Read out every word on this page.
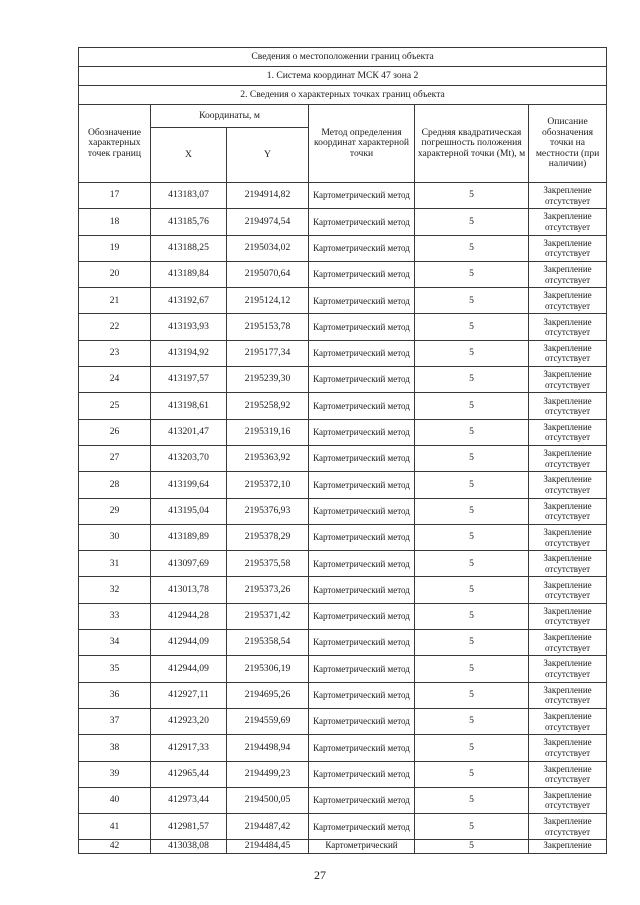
Сведения о местоположении границ объекта					
1. Система координат МСК 47 зона 2					
2. Сведения о характерных точках границ объекта					
Обозначение характерных точек границ	Координаты, м		Метод определения координат характерной точки	Средняя квадратическая погрешность положения характерной точки (Mt), м	Описание обозначения точки на местности (при наличии)
	X	Y			
17	413183,07	2194914,82	Картометрический метод	5	Закрепление отсутствует
18	413185,76	2194974,54	Картометрический метод	5	Закрепление отсутствует
19	413188,25	2195034,02	Картометрический метод	5	Закрепление отсутствует
20	413189,84	2195070,64	Картометрический метод	5	Закрепление отсутствует
21	413192,67	2195124,12	Картометрический метод	5	Закрепление отсутствует
22	413193,93	2195153,78	Картометрический метод	5	Закрепление отсутствует
23	413194,92	2195177,34	Картометрический метод	5	Закрепление отсутствует
24	413197,57	2195239,30	Картометрический метод	5	Закрепление отсутствует
25	413198,61	2195258,92	Картометрический метод	5	Закрепление отсутствует
26	413201,47	2195319,16	Картометрический метод	5	Закрепление отсутствует
27	413203,70	2195363,92	Картометрический метод	5	Закрепление отсутствует
28	413199,64	2195372,10	Картометрический метод	5	Закрепление отсутствует
29	413195,04	2195376,93	Картометрический метод	5	Закрепление отсутствует
30	413189,89	2195378,29	Картометрический метод	5	Закрепление отсутствует
31	413097,69	2195375,58	Картометрический метод	5	Закрепление отсутствует
32	413013,78	2195373,26	Картометрический метод	5	Закрепление отсутствует
33	412944,28	2195371,42	Картометрический метод	5	Закрепление отсутствует
34	412944,09	2195358,54	Картометрический метод	5	Закрепление отсутствует
35	412944,09	2195306,19	Картометрический метод	5	Закрепление отсутствует
36	412927,11	2194695,26	Картометрический метод	5	Закрепление отсутствует
37	412923,20	2194559,69	Картометрический метод	5	Закрепление отсутствует
38	412917,33	2194498,94	Картометрический метод	5	Закрепление отсутствует
39	412965,44	2194499,23	Картометрический метод	5	Закрепление отсутствует
40	412973,44	2194500,05	Картометрический метод	5	Закрепление отсутствует
41	412981,57	2194487,42	Картометрический метод	5	Закрепление отсутствует
42	413038,08	2194484,45	Картометрический	5	Закрепление
27
